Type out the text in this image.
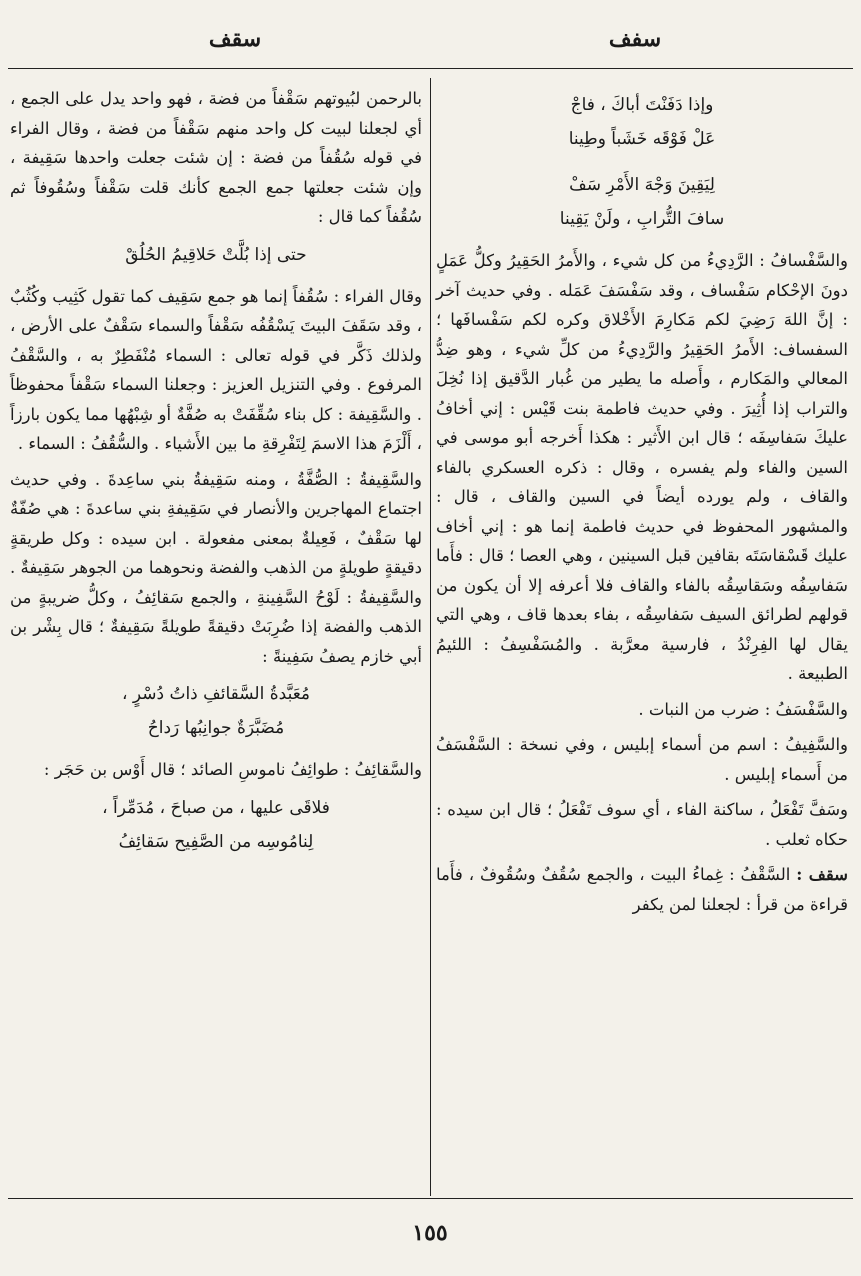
سفف
سقف
وإذا دَفَنْتَ أباكَ ، فاجْ
عَلْ فَوْقَه خَشَباً وطِينا
لِيَقِينَ وَجْهَ الأَمْرِ سَفْ
سافَ التُّرابِ ، ولَنْ يَقِينا

والسَّفْسافُ : الرَّدِيءُ من كل شيء ، والأَمرُ الحَقِيرُ وكلُّ عَمَلٍ دونَ الإحْكام سَفْساف ، وقد سَفْسَفَ عَمَله . وفي حديث آخر : إنَّ اللهَ رَضِيَ لكم مَكارِمَ الأَخْلاق وكره لكم سَفْسافَها ؛ السفساف: الأَمرُ الحَقِيرُ والرَّدِيءُ من كلِّ شيء ، وهو ضِدُّ المعالي والمَكارم ، وأَصله ما يطير من غُبار الدَّقيق إذا نُخِلَ والتراب إذا أُثِيرَ . وفي حديث فاطمة بنت قَيْس : إني أخافُ عليكَ سَفاسِفَه ؛ قال ابن الأَثير : هكذا أَخرجه أبو موسى في السين والفاء ولم يفسره ، وقال : ذكره العسكري بالفاء والقاف ، ولم يورده أيضاً في السين والقاف ، قال : والمشهور المحفوظ في حديث فاطمة إنما هو : إني أخاف عليك قَسْقاسَتَه بقافين قبل السينين ، وهي العصا ؛ قال : فأَما سَفاسِفُه وسَقاسِقُه بالفاء والقاف فلا أعرفه إلا أن يكون من قولهم لطرائق السيف سَفاسِقُه ، بفاء بعدها قاف ، وهي التي يقال لها الفِرِنْدُ ، فارسية معرَّبة . والمُسَفْسِفُ : اللئيمُ الطبيعة .

والسَّفْسَفُ : ضرب من النبات .

والسَّفِيفُ : اسم من أسماء إبليس ، وفي نسخة : السَّفْسَفُ من أَسماء إبليس .

وسَفَّ تَفْعَلُ ، ساكنة الفاء ، أي سوف تَفْعَلُ ؛ قال ابن سيده : حكاه ثعلب .

سقف : السَّقْفُ : غِماءُ البيت ، والجمع سُقُفٌ وسُقُوفٌ ، فأَما قراءة من قرأ : لجعلنا لمن يكفر

بالرحمن لبُيوتهم سَقْفاً من فضة ، فهو واحد يدل على الجمع ، أي لجعلنا لبيت كل واحد منهم سَقْفاً من فضة ، وقال الفراء في قوله سُقُفاً من فضة : إن شئت جعلت واحدها سَقِيفة ، وإن شئت جعلتها جمع الجمع كأنك قلت سَقْفاً وسُقُوفاً ثم سُقُفاً كما قال :

حتى إذا بُلَّتْ حَلاقِيمُ الحُلُقْ

وقال الفراء : سُقُفاً إنما هو جمع سَقِيف كما تقول كَثِيب وكُثُبٌ ، وقد سَقَفَ البيتَ يَسْقُفُه سَقْفاً والسماء سَقْفٌ على الأرض ، ولذلك ذَكَّر في قوله تعالى : السماء مُنْفَطِرٌ به ، والسَّقْفُ المرفوع . وفي التنزيل العزيز : وجعلنا السماء سَقْفاً محفوظاً . والسَّقِيفة : كل بناء سُقِّفَتْ به صُفَّةٌ أو شِبْهُها مما يكون بارزاً ، أَلْزَمَ هذا الاسمَ لِتَفْرِقةِ ما بين الأَشياء . والسُّقُفُ : السماء .

والسَّقِيفةُ : الصُّفَّةُ ، ومنه سَقِيفةُ بني ساعِدةَ . وفي حديث اجتماع المهاجرين والأنصار في سَقِيفةِ بني ساعدةَ : هي صُفّةٌ لها سَقْفٌ ، فَعِيلةٌ بمعنى مفعولة . ابن سيده : وكل طريقةٍ دقيقةٍ طويلةٍ من الذهب والفضة ونحوهما من الجوهر سَقِيفةٌ . والسَّقِيفةُ : لَوْحُ السَّفِينةِ ، والجمع سَقائِفُ ، وكلُّ ضريبةٍ من الذهب والفضة إذا ضُرِبَتْ دقيقةً طويلةً سَقِيفةٌ ؛ قال بِشْر بن أبي خازم يصفُ سَفِينةً :

مُعَبَّدةُ السَّقائفِ ذاتُ دُسْرٍ ،
مُضَبَّرَةٌ جوانِبُها رَداحُ

والسَّقائِفُ : طوائِفُ ناموسِ الصائد ؛ قال أَوْس بن حَجَر :

فلاقَى عليها ، من صباحَ ، مُدَمِّراً ،
لِنامُوسِه من الصَّفِيح سَقائِفُ
١٥٥
